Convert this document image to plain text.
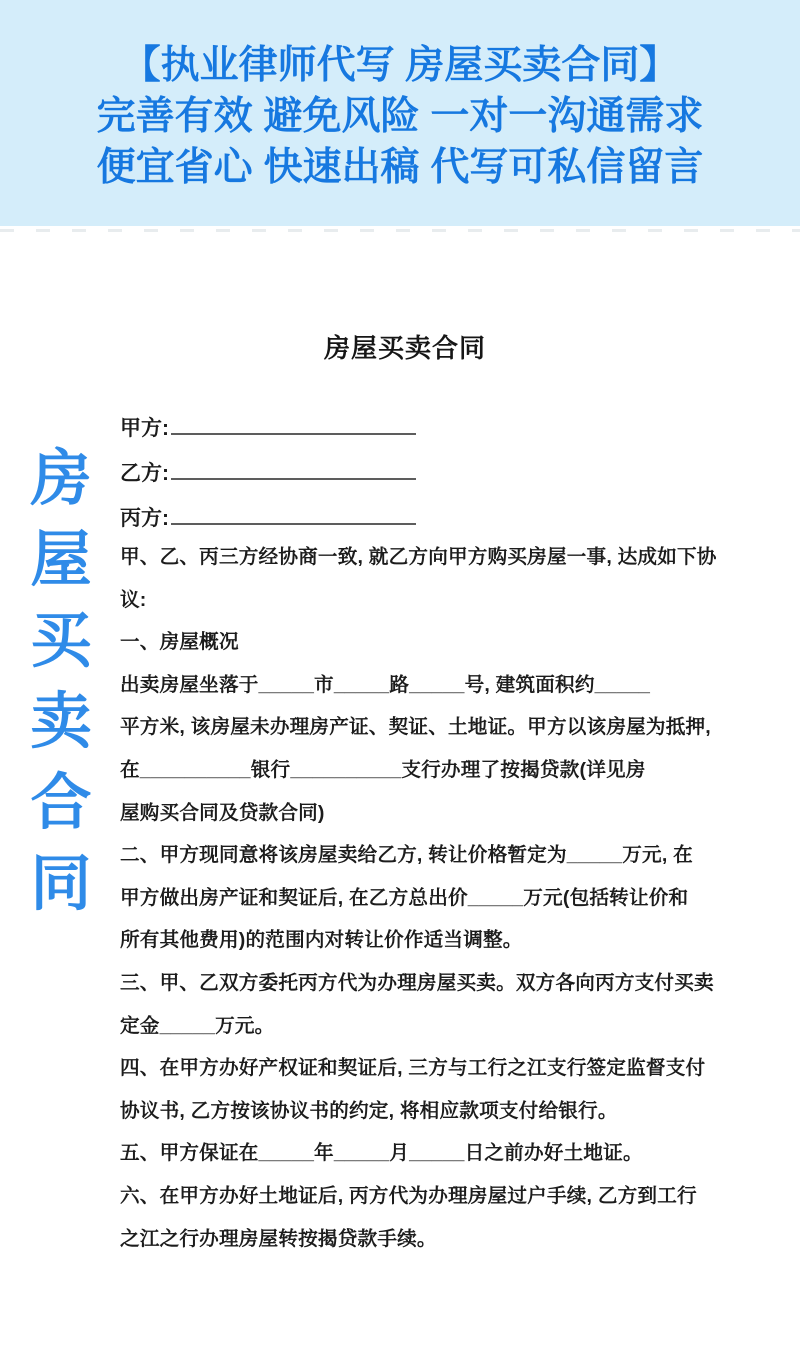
【执业律师代写 房屋买卖合同】
完善有效 避免风险 一对一沟通需求
便宜省心 快速出稿 代写可私信留言
房
屋
买
卖
合
同
房屋买卖合同
甲方:
乙方:
丙方:
甲、乙、丙三方经协商一致, 就乙方向甲方购买房屋一事, 达成如下协
议:
一、房屋概况
出卖房屋坐落于_____市_____路_____号, 建筑面积约_____
平方米, 该房屋未办理房产证、契证、土地证。甲方以该房屋为抵押,
在__________银行__________支行办理了按揭贷款(详见房
屋购买合同及贷款合同)
二、甲方现同意将该房屋卖给乙方, 转让价格暂定为_____万元, 在
甲方做出房产证和契证后, 在乙方总出价_____万元(包括转让价和
所有其他费用)的范围内对转让价作适当调整。
三、甲、乙双方委托丙方代为办理房屋买卖。双方各向丙方支付买卖
定金_____万元。
四、在甲方办好产权证和契证后, 三方与工行之江支行签定监督支付
协议书, 乙方按该协议书的约定, 将相应款项支付给银行。
五、甲方保证在_____年_____月_____日之前办好土地证。
六、在甲方办好土地证后, 丙方代为办理房屋过户手续, 乙方到工行
之江之行办理房屋转按揭贷款手续。
